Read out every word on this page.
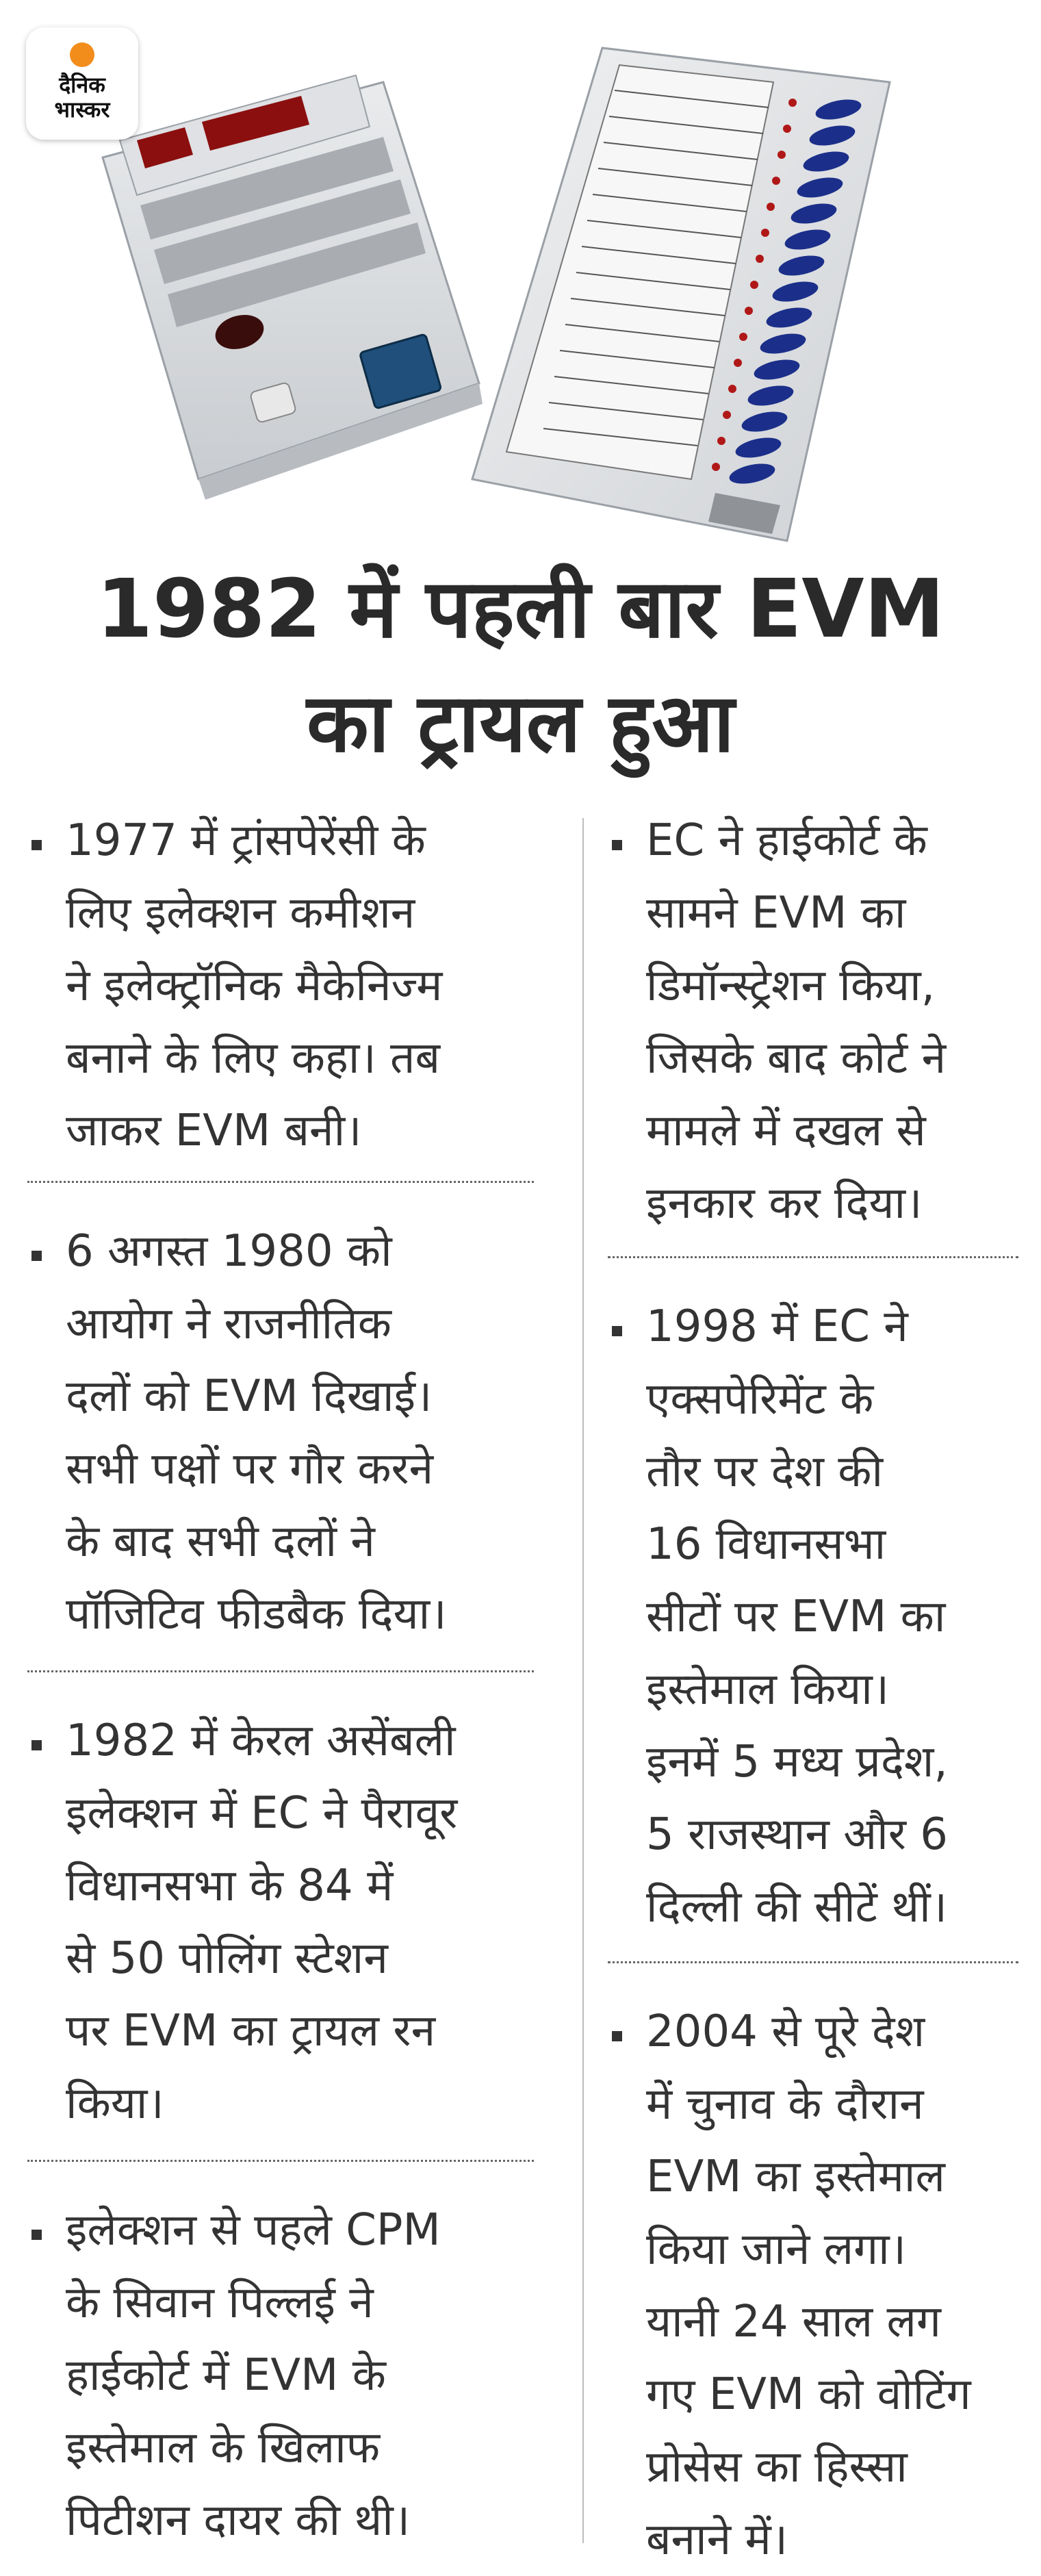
दैनिक
भास्कर
1982 में पहली बार EVM
का ट्रायल हुआ
1977 में ट्रांसपेरेंसी के
लिए इलेक्शन कमीशन
ने इलेक्ट्रॉनिक मैकेनिज्म
बनाने के लिए कहा। तब
जाकर EVM बनी।
6 अगस्त 1980 को
आयोग ने राजनीतिक
दलों को EVM दिखाई।
सभी पक्षों पर गौर करने
के बाद सभी दलों ने
पॉजिटिव फीडबैक दिया।
1982 में केरल असेंबली
इलेक्शन में EC ने पैरावूर
विधानसभा के 84 में
से 50 पोलिंग स्टेशन
पर EVM का ट्रायल रन
किया।
इलेक्शन से पहले CPM
के सिवान पिल्लई ने
हाईकोर्ट में EVM के
इस्तेमाल के खिलाफ
पिटीशन दायर की थी।
EC ने हाईकोर्ट के
सामने EVM का
डिमॉन्स्ट्रेशन किया,
जिसके बाद कोर्ट ने
मामले में दखल से
इनकार कर दिया।
1998 में EC ने
एक्सपेरिमेंट के
तौर पर देश की
16 विधानसभा
सीटों पर EVM का
इस्तेमाल किया।
इनमें 5 मध्य प्रदेश,
5 राजस्थान और 6
दिल्ली की सीटें थीं।
2004 से पूरे देश
में चुनाव के दौरान
EVM का इस्तेमाल
किया जाने लगा।
यानी 24 साल लग
गए EVM को वोटिंग
प्रोसेस का हिस्सा
बनाने में।
